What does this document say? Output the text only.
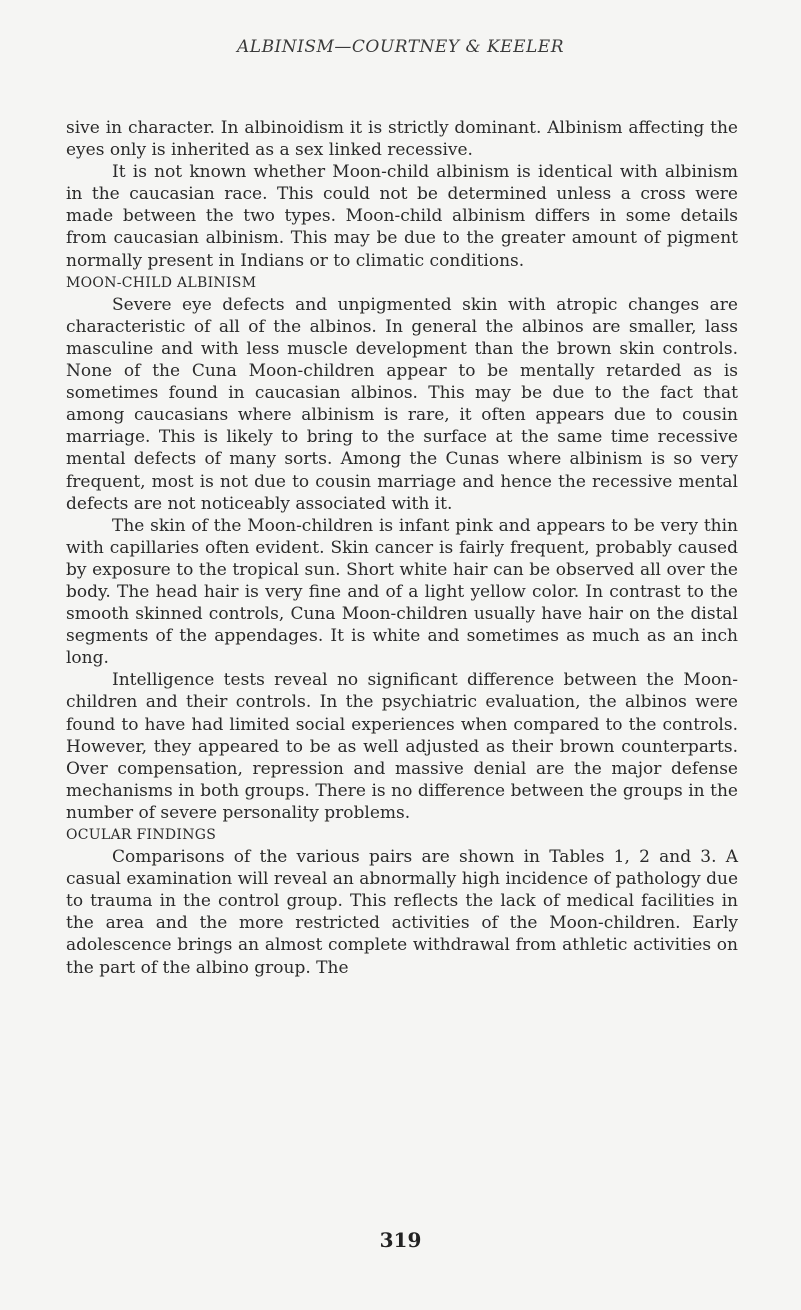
ALBINISM—COURTNEY & KEELER

sive in character. In albinoidism it is strictly dominant. Albinism affecting the eyes only is inherited as a sex linked recessive.

It is not known whether Moon-child albinism is identical with albinism in the caucasian race. This could not be determined unless a cross were made between the two types. Moon-child albinism differs in some details from caucasian albinism. This may be due to the greater amount of pigment normally present in Indians or to climatic conditions.

MOON-CHILD ALBINISM

Severe eye defects and unpigmented skin with atropic changes are characteristic of all of the albinos. In general the albinos are smaller, lass masculine and with less muscle development than the brown skin controls. None of the Cuna Moon-children appear to be mentally retarded as is sometimes found in caucasian albinos. This may be due to the fact that among caucasians where albinism is rare, it often appears due to cousin marriage. This is likely to bring to the surface at the same time recessive mental defects of many sorts. Among the Cunas where albinism is so very frequent, most is not due to cousin marriage and hence the recessive mental defects are not noticeably associated with it.

The skin of the Moon-children is infant pink and appears to be very thin with capillaries often evident. Skin cancer is fairly frequent, probably caused by exposure to the tropical sun. Short white hair can be observed all over the body. The head hair is very fine and of a light yellow color. In contrast to the smooth skinned controls, Cuna Moon-children usually have hair on the distal segments of the appendages. It is white and sometimes as much as an inch long.

Intelligence tests reveal no significant difference between the Moon-children and their controls. In the psychiatric evaluation, the albinos were found to have had limited social experiences when compared to the controls. However, they appeared to be as well adjusted as their brown counterparts. Over compensation, repression and massive denial are the major defense mechanisms in both groups. There is no difference between the groups in the number of severe personality problems.

OCULAR FINDINGS

Comparisons of the various pairs are shown in Tables 1, 2 and 3. A casual examination will reveal an abnormally high incidence of pathology due to trauma in the control group. This reflects the lack of medical facilities in the area and the more restricted activities of the Moon-children. Early adolescence brings an almost complete withdrawal from athletic activities on the part of the albino group. The

319
